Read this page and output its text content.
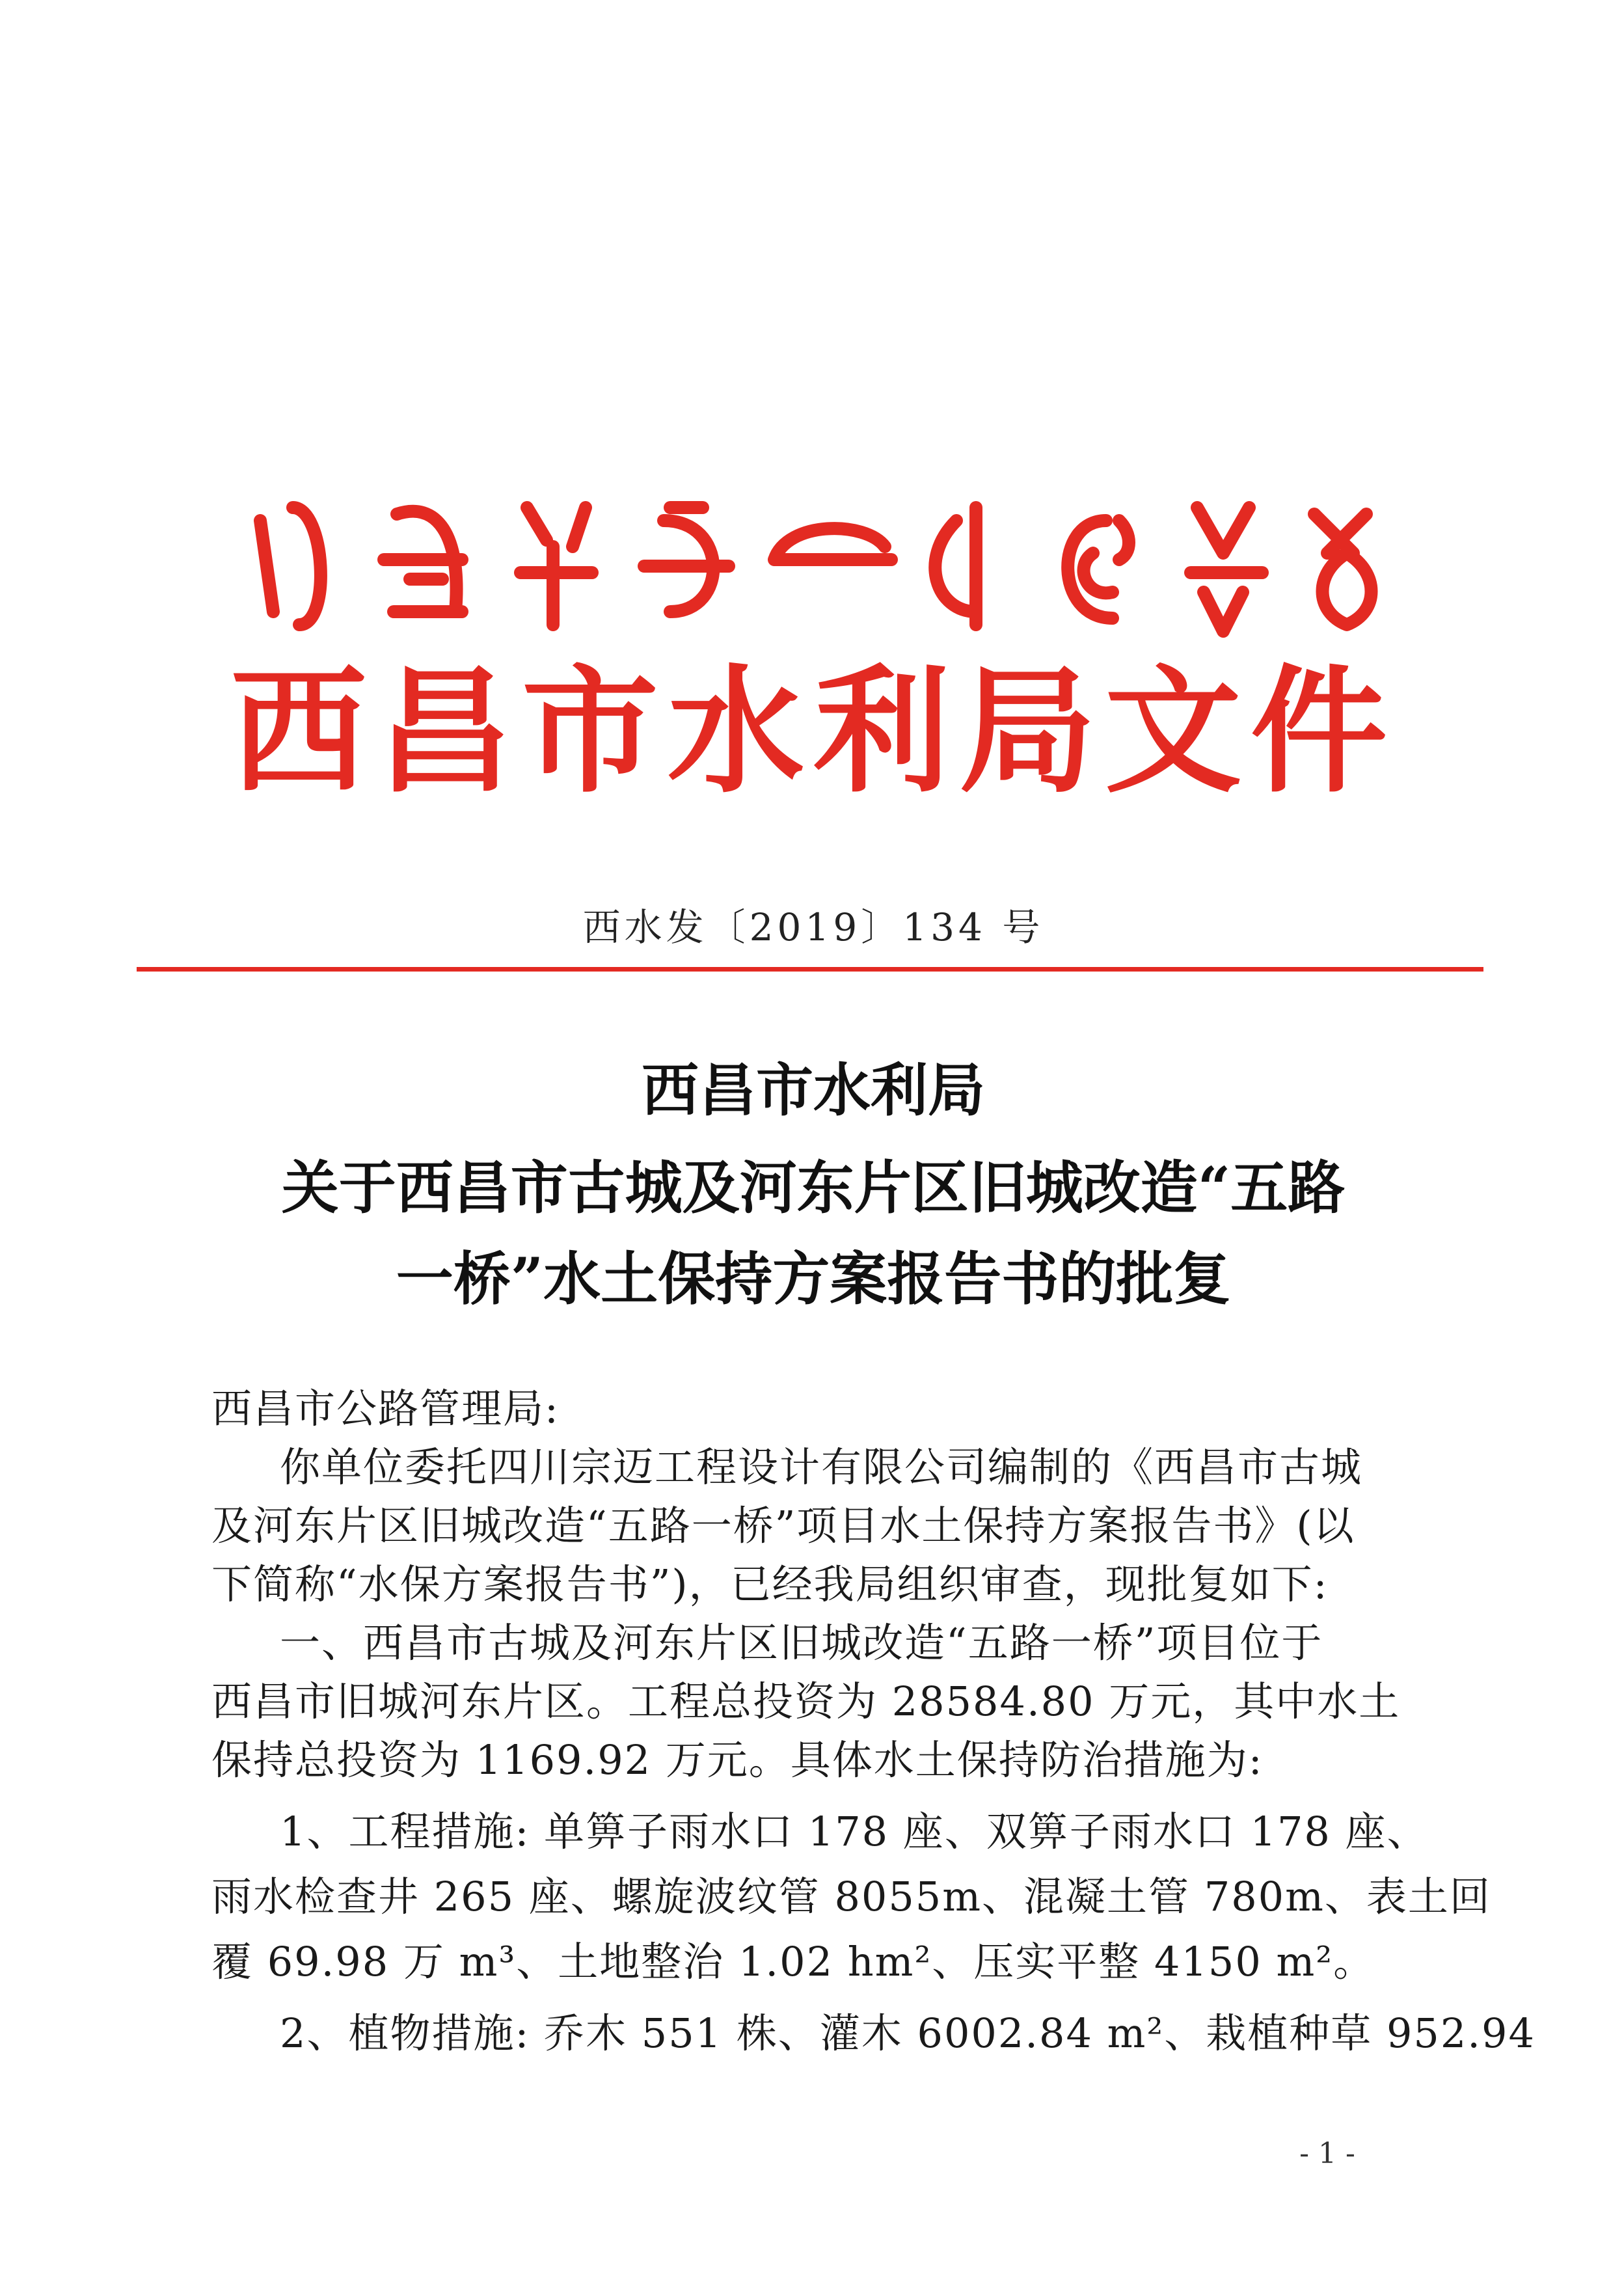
西昌市水利局文件
西水发〔2019〕134 号
西昌市水利局
关于西昌市古城及河东片区旧城改造“五路
一桥”水土保持方案报告书的批复
西昌市公路管理局:
你单位委托四川宗迈工程设计有限公司编制的《西昌市古城
及河东片区旧城改造“五路一桥”项目水土保持方案报告书》(以
下简称“水保方案报告书”)，已经我局组织审查，现批复如下:
一、西昌市古城及河东片区旧城改造“五路一桥”项目位于
西昌市旧城河东片区。工程总投资为 28584.80 万元，其中水土
保持总投资为 1169.92 万元。具体水土保持防治措施为:
1、工程措施: 单箅子雨水口 178 座、双箅子雨水口 178 座、
雨水检查井 265 座、螺旋波纹管 8055m、混凝土管 780m、表土回
覆 69.98 万 m³、土地整治 1.02 hm²、压实平整 4150 m²。
2、植物措施: 乔木 551 株、灌木 6002.84 m²、栽植种草 952.94
- 1 -
